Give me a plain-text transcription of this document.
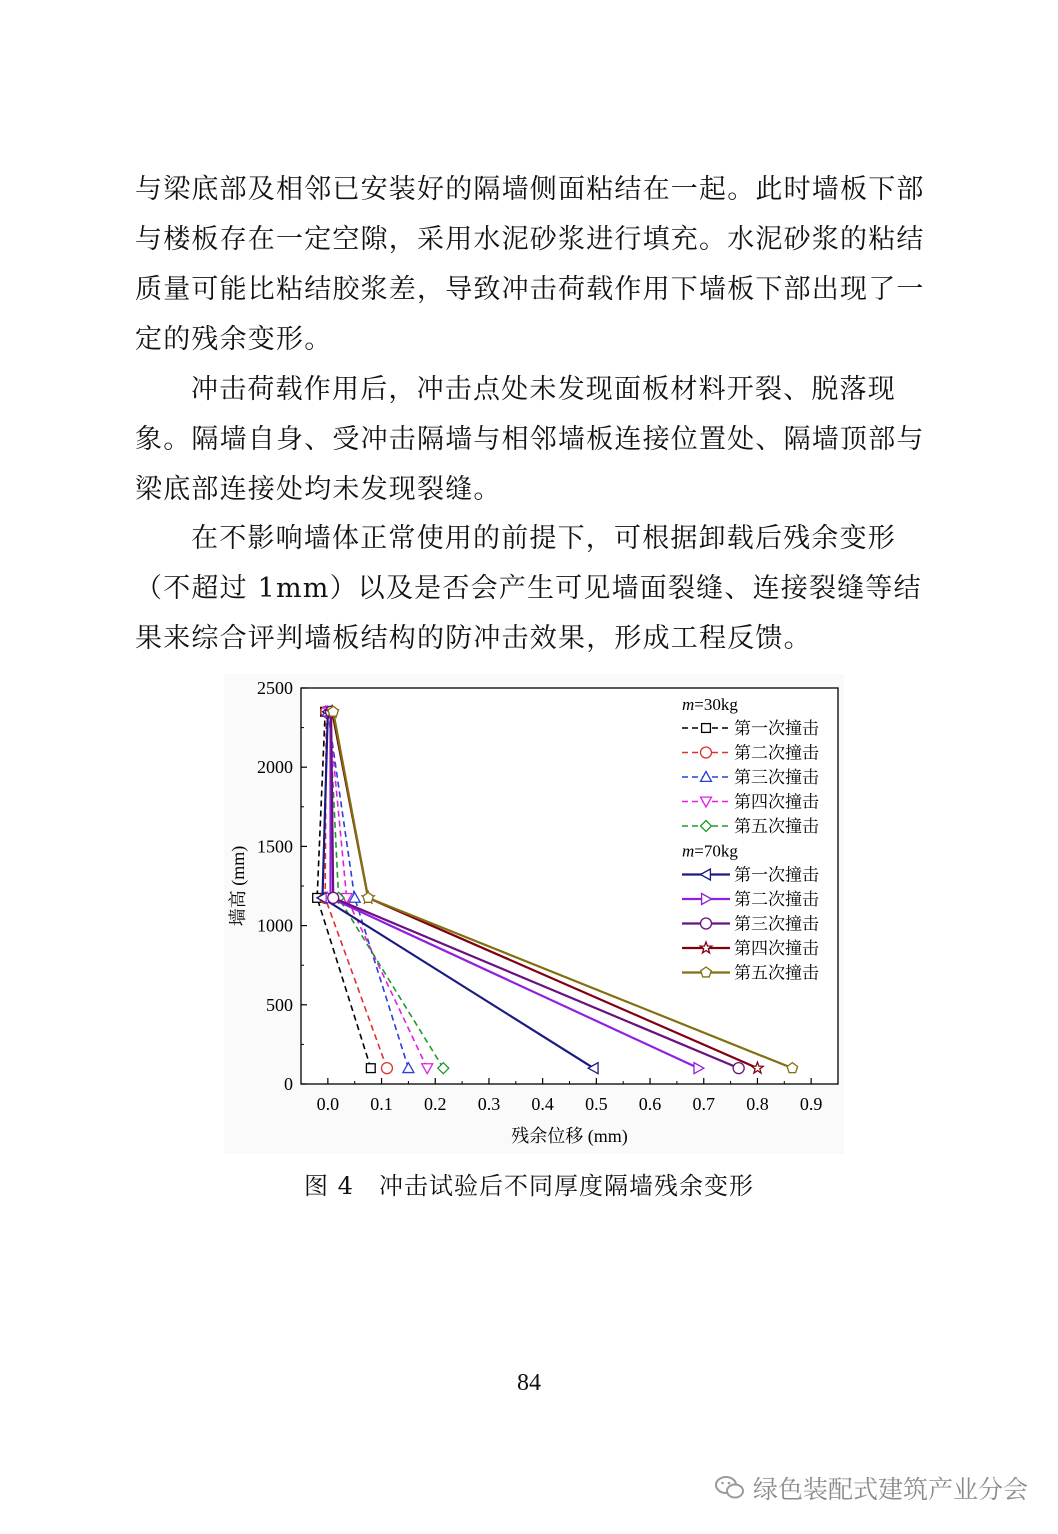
与梁底部及相邻已安装好的隔墙侧面粘结在一起。此时墙板下部与楼板存在一定空隙，采用水泥砂浆进行填充。水泥砂浆的粘结质量可能比粘结胶浆差，导致冲击荷载作用下墙板下部出现了一定的残余变形。

冲击荷载作用后，冲击点处未发现面板材料开裂、脱落现象。隔墙自身、受冲击隔墙与相邻墙板连接位置处、隔墙顶部与梁底部连接处均未发现裂缝。

在不影响墙体正常使用的前提下，可根据卸载后残余变形（不超过 1mm）以及是否会产生可见墙面裂缝、连接裂缝等结果来综合评判墙板结构的防冲击效果，形成工程反馈。

0
500
1000
1500
2000
2500
0.0 0.1 0.2 0.3 0.4 0.5 0.6 0.7 0.8 0.9
残余位移 (mm)
墙高 (mm)
m=30kg
第一次撞击
第二次撞击
第三次撞击
第四次撞击
第五次撞击
m=70kg
第一次撞击
第二次撞击
第三次撞击
第四次撞击
第五次撞击
图 4　冲击试验后不同厚度隔墙残余变形
84
绿色装配式建筑产业分会
